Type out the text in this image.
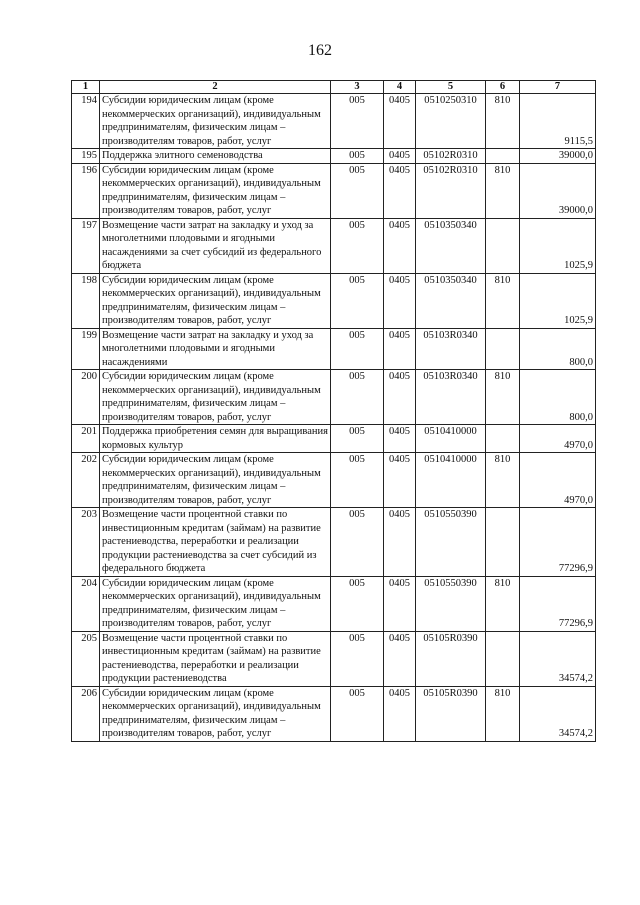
162
1	2	3	4	5	6	7
194	Субсидии юридическим лицам (кроме некоммерческих организаций), индивидуальным предпринимателям, физическим лицам – производителям товаров, работ, услуг	005	0405	0510250310	810	9115,5
195	Поддержка элитного семеноводства	005	0405	05102R0310		39000,0
196	Субсидии юридическим лицам (кроме некоммерческих организаций), индивидуальным предпринимателям, физическим лицам – производителям товаров, работ, услуг	005	0405	05102R0310	810	39000,0
197	Возмещение части затрат на закладку и уход за многолетними плодовыми и ягодными насаждениями за счет субсидий из федерального бюджета	005	0405	0510350340		1025,9
198	Субсидии юридическим лицам (кроме некоммерческих организаций), индивидуальным предпринимателям, физическим лицам – производителям товаров, работ, услуг	005	0405	0510350340	810	1025,9
199	Возмещение части затрат на закладку и уход за многолетними плодовыми и ягодными насаждениями	005	0405	05103R0340		800,0
200	Субсидии юридическим лицам (кроме некоммерческих организаций), индивидуальным предпринимателям, физическим лицам – производителям товаров, работ, услуг	005	0405	05103R0340	810	800,0
201	Поддержка приобретения семян для выращивания кормовых культур	005	0405	0510410000		4970,0
202	Субсидии юридическим лицам (кроме некоммерческих организаций), индивидуальным предпринимателям, физическим лицам – производителям товаров, работ, услуг	005	0405	0510410000	810	4970,0
203	Возмещение части процентной ставки по инвестиционным кредитам (займам) на развитие растениеводства, переработки и реализации продукции растениеводства за счет субсидий из федерального бюджета	005	0405	0510550390		77296,9
204	Субсидии юридическим лицам (кроме некоммерческих организаций), индивидуальным предпринимателям, физическим лицам – производителям товаров, работ, услуг	005	0405	0510550390	810	77296,9
205	Возмещение части процентной ставки по инвестиционным кредитам (займам) на развитие растениеводства, переработки и реализации продукции растениеводства	005	0405	05105R0390		34574,2
206	Субсидии юридическим лицам (кроме некоммерческих организаций), индивидуальным предпринимателям, физическим лицам – производителям товаров, работ, услуг	005	0405	05105R0390	810	34574,2
